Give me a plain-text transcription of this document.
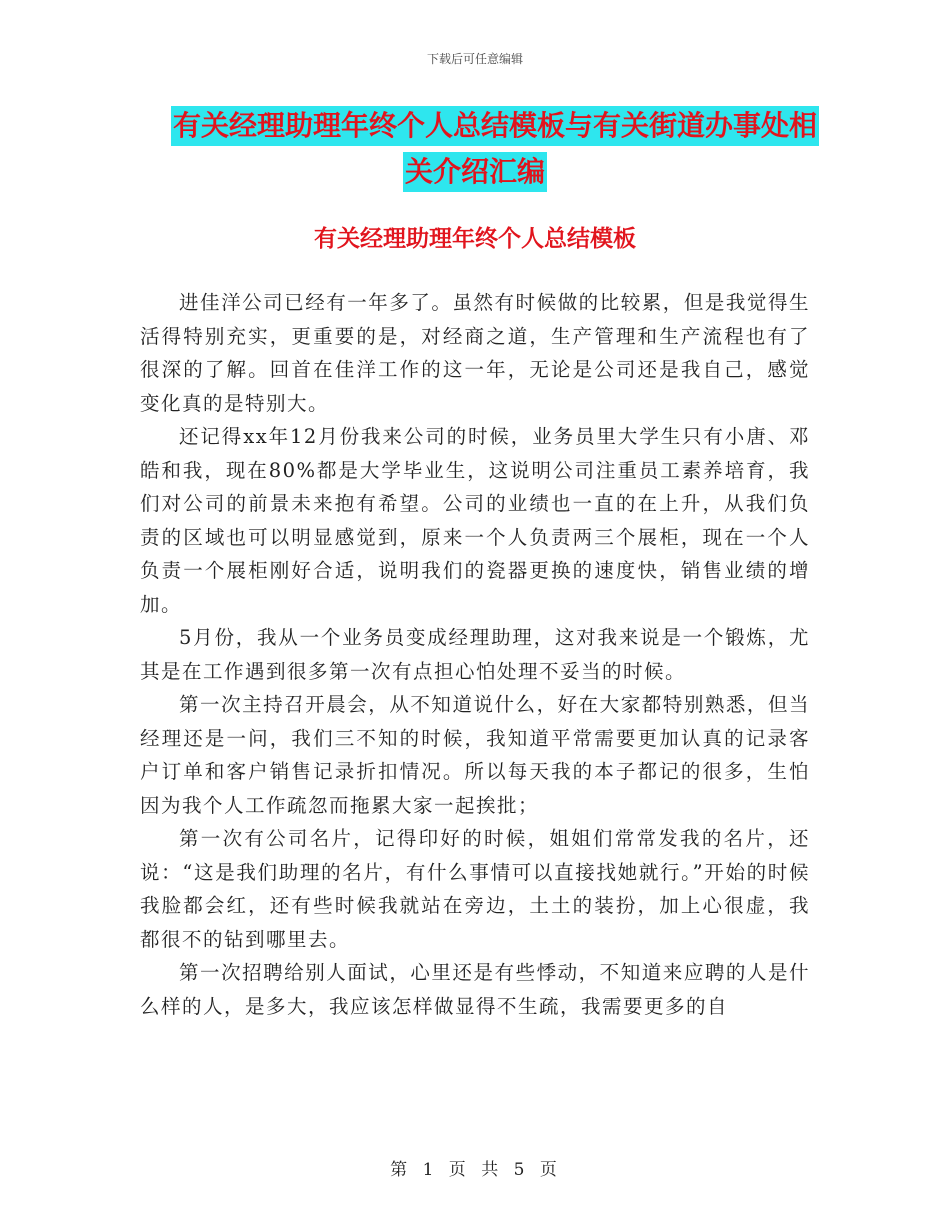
下载后可任意编辑
有关经理助理年终个人总结模板与有关街道办事处相
关介绍汇编
有关经理助理年终个人总结模板

进佳洋公司已经有一年多了。虽然有时候做的比较累，但是我觉得生活得特别充实，更重要的是，对经商之道，生产管理和生产流程也有了很深的了解。回首在佳洋工作的这一年，无论是公司还是我自己，感觉变化真的是特别大。

还记得xx年12月份我来公司的时候，业务员里大学生只有小唐、邓皓和我，现在80%都是大学毕业生，这说明公司注重员工素养培育，我们对公司的前景未来抱有希望。公司的业绩也一直的在上升，从我们负责的区域也可以明显感觉到，原来一个人负责两三个展柜，现在一个人负责一个展柜刚好合适，说明我们的瓷器更换的速度快，销售业绩的增加。

5月份，我从一个业务员变成经理助理，这对我来说是一个锻炼，尤其是在工作遇到很多第一次有点担心怕处理不妥当的时候。

第一次主持召开晨会，从不知道说什么，好在大家都特别熟悉，但当经理还是一问，我们三不知的时候，我知道平常需要更加认真的记录客户订单和客户销售记录折扣情况。所以每天我的本子都记的很多，生怕因为我个人工作疏忽而拖累大家一起挨批；

第一次有公司名片，记得印好的时候，姐姐们常常发我的名片，还说：“这是我们助理的名片，有什么事情可以直接找她就行。”开始的时候我脸都会红，还有些时候我就站在旁边，土土的装扮，加上心很虚，我都很不的钻到哪里去。

第一次招聘给别人面试，心里还是有些悸动，不知道来应聘的人是什么样的人，是多大，我应该怎样做显得不生疏，我需要更多的自

第 1 页 共 5 页
